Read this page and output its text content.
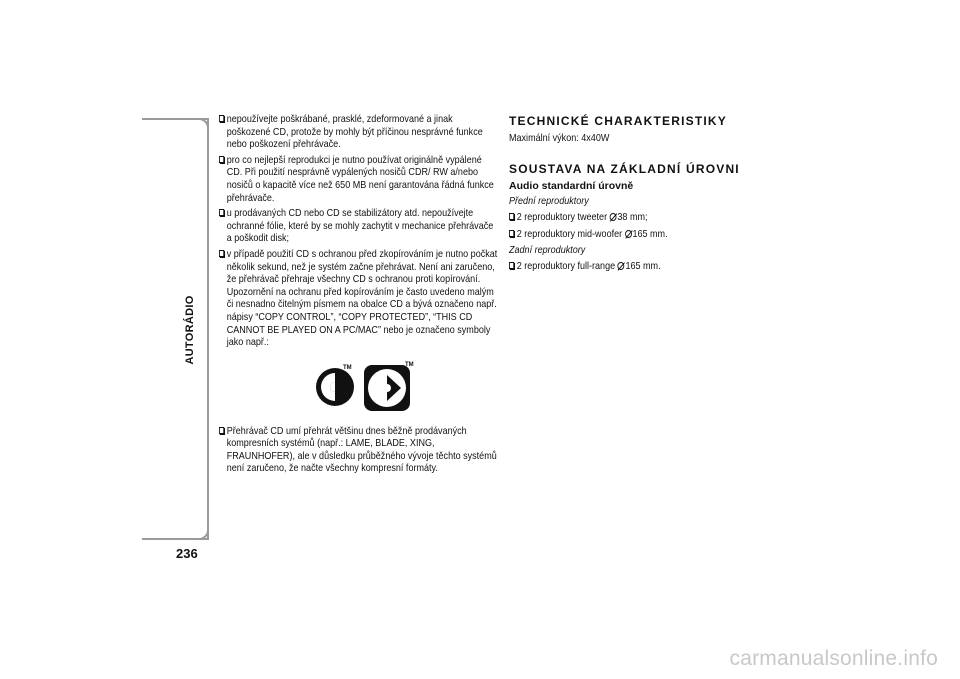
AUTORÁDIO
236
nepoužívejte poškrábané, prasklé, zdeformované a jinak poškozené CD, protože by mohly být příčinou nesprávné funkce nebo poškození přehrávače.
pro co nejlepší reprodukci je nutno používat originálně vypálené CD. Při použití nesprávně vypálených nosičů CDR/ RW a/nebo nosičů o kapacitě více než 650 MB není garantována řádná funkce přehrávače.
u prodávaných CD nebo CD se stabilizátory atd. nepoužívejte ochranné fólie, které by se mohly zachytit v mechanice přehrávače a poškodit disk;
v případě použití CD s ochranou před zkopírováním je nutno počkat několik sekund, než je systém začne přehrávat. Není ani zaručeno, že přehrávač přehraje všechny CD s ochranou proti kopírování. Upozornění na ochranu před kopírováním je často uvedeno malým či nesnadno čitelným písmem na obalce CD a bývá označeno např. nápisy “COPY CONTROL”, “COPY PROTECTED”, “THIS CD CANNOT BE PLAYED ON A PC/MAC” nebo je označeno symboly jako např.:
TM	TM
Přehrávač CD umí přehrát většinu dnes běžně prodávaných kompresních systémů (např.: LAME, BLADE, XING, FRAUNHOFER), ale v důsledku průběžného vývoje těchto systémů není zaručeno, že načte všechny kompresní formáty.
TECHNICKÉ CHARAKTERISTIKY
Maximální výkon: 4x40W
SOUSTAVA NA ZÁKLADNÍ ÚROVNI
Audio standardní úrovně
Přední reproduktory
2 reproduktory tweeter 38 mm;
2 reproduktory mid-woofer 165 mm.
Zadní reproduktory
2 reproduktory full-range 165 mm.
carmanualsonline.info
